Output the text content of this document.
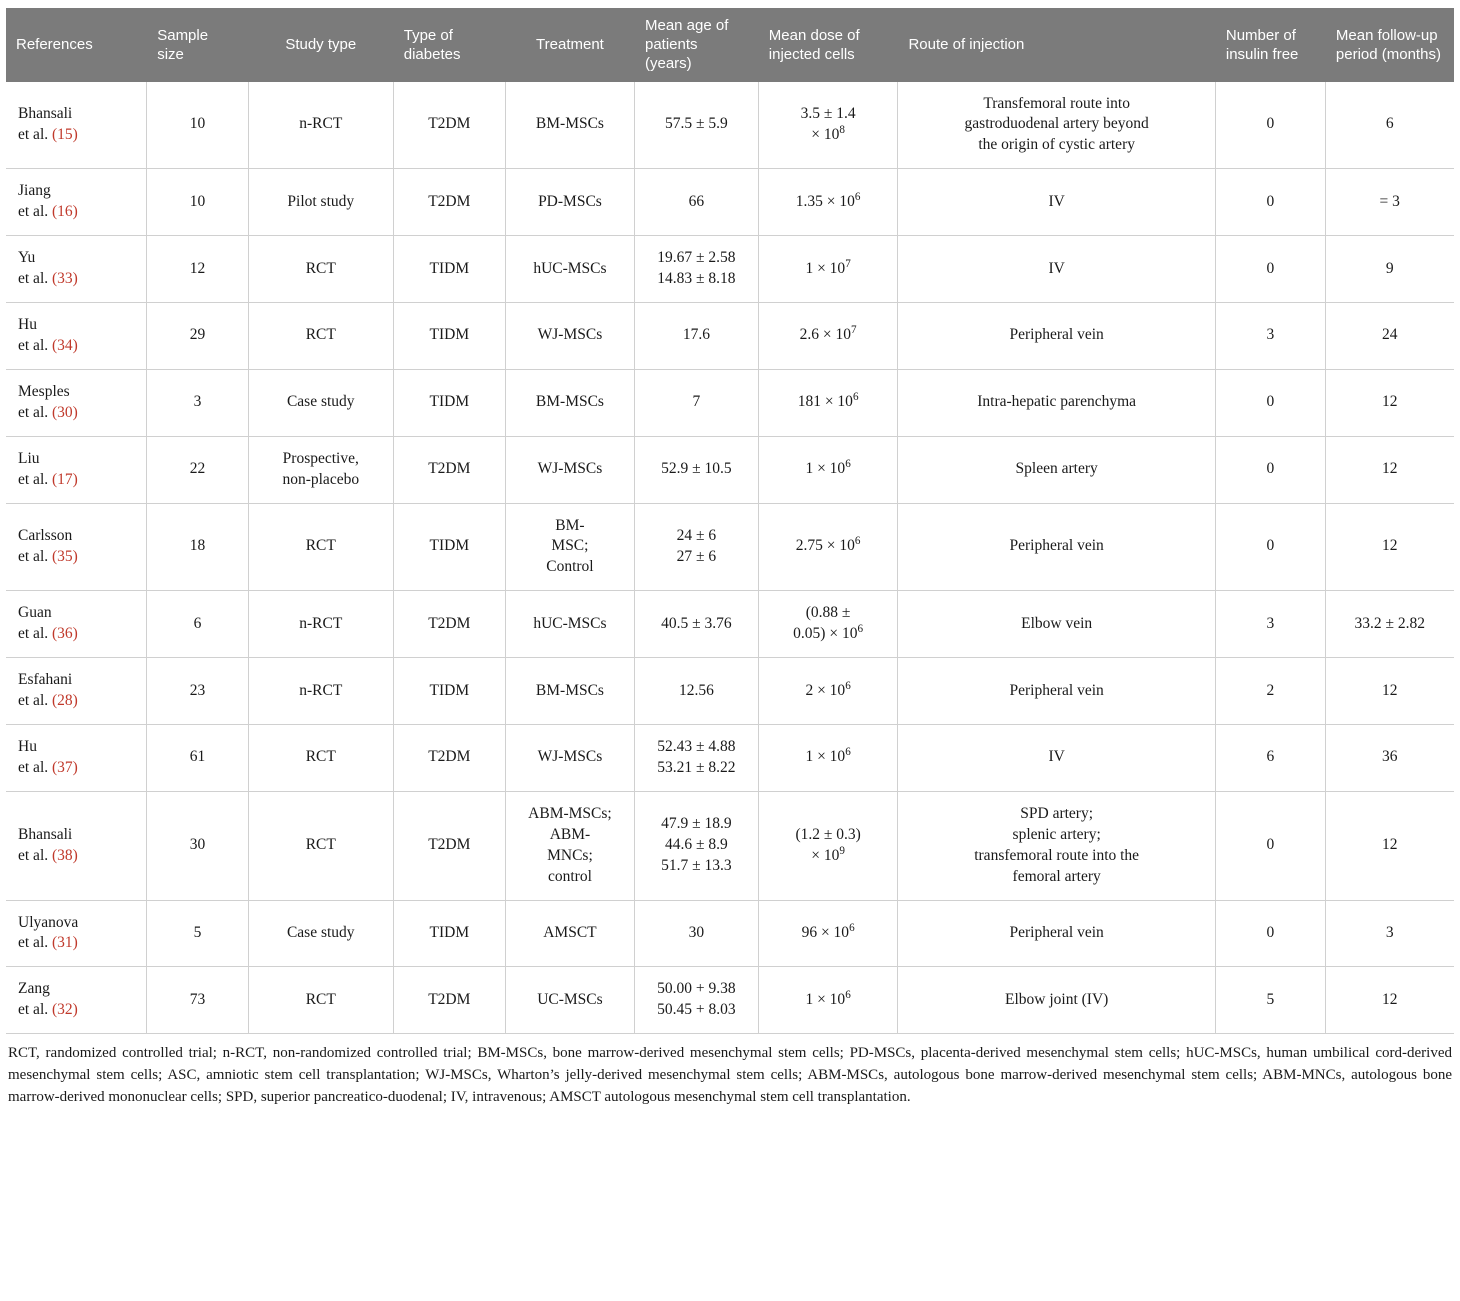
References	Sample size	Study type	Type of diabetes	Treatment	Mean age of patients (years)	Mean dose of injected cells	Route of injection	Number of insulin free	Mean follow-up period (months)

Bhansali
et al. (15)	10	n-RCT	T2DM	BM-MSCs	57.5 ± 5.9	3.5 ± 1.4
× $10^8$	Transfemoral route into
gastroduodenal artery beyond
the origin of cystic artery	0	6

Jiang
et al. (16)	10	Pilot study	T2DM	PD-MSCs	66	$1.35 \times 10^6$	IV	0	= 3

Yu
et al. (33)	12	RCT	TIDM	hUC-MSCs	19.67 ± 2.58
14.83 ± 8.18	$1 \times 10^7$	IV	0	9

Hu
et al. (34)	29	RCT	TIDM	WJ-MSCs	17.6	$2.6 \times 10^7$	Peripheral vein	3	24

Mesples
et al. (30)	3	Case study	TIDM	BM-MSCs	7	$181 \times 10^6$	Intra-hepatic parenchyma	0	12

Liu
et al. (17)	22	Prospective,
non-placebo	T2DM	WJ-MSCs	52.9 ± 10.5	$1 \times 10^6$	Spleen artery	0	12

Carlsson
et al. (35)	18	RCT	TIDM	BM-
MSC;
Control	24 ± 6
27 ± 6	$2.75 \times 10^6$	Peripheral vein	0	12

Guan
et al. (36)	6	n-RCT	T2DM	hUC-MSCs	40.5 ± 3.76	(0.88 ±
$0.05) \times 10^6$	Elbow vein	3	33.2 ± 2.82

Esfahani
et al. (28)	23	n-RCT	TIDM	BM-MSCs	12.56	$2 \times 10^6$	Peripheral vein	2	12

Hu
et al. (37)	61	RCT	T2DM	WJ-MSCs	52.43 ± 4.88
53.21 ± 8.22	$1 \times 10^6$	IV	6	36

Bhansali
et al. (38)	30	RCT	T2DM	ABM-MSCs;
ABM-
MNCs;
control	47.9 ± 18.9
44.6 ± 8.9
51.7 ± 13.3	(1.2 ± 0.3)
× $10^9$	SPD artery;
splenic artery;
transfemoral route into the
femoral artery	0	12

Ulyanova
et al. (31)	5	Case study	TIDM	AMSCT	30	$96 \times 10^6$	Peripheral vein	0	3

Zang
et al. (32)	73	RCT	T2DM	UC-MSCs	50.00 + 9.38
50.45 + 8.03	$1 \times 10^6$	Elbow joint (IV)	5	12
RCT, randomized controlled trial; n-RCT, non-randomized controlled trial; BM-MSCs, bone marrow-derived mesenchymal stem cells; PD-MSCs, placenta-derived mesenchymal stem cells; hUC-MSCs, human umbilical cord-derived mesenchymal stem cells; ASC, amniotic stem cell transplantation; WJ-MSCs, Wharton’s jelly-derived mesenchymal stem cells; ABM-MSCs, autologous bone marrow-derived mesenchymal stem cells; ABM-MNCs, autologous bone marrow-derived mononuclear cells; SPD, superior pancreatico-duodenal; IV, intravenous; AMSCT autologous mesenchymal stem cell transplantation.
